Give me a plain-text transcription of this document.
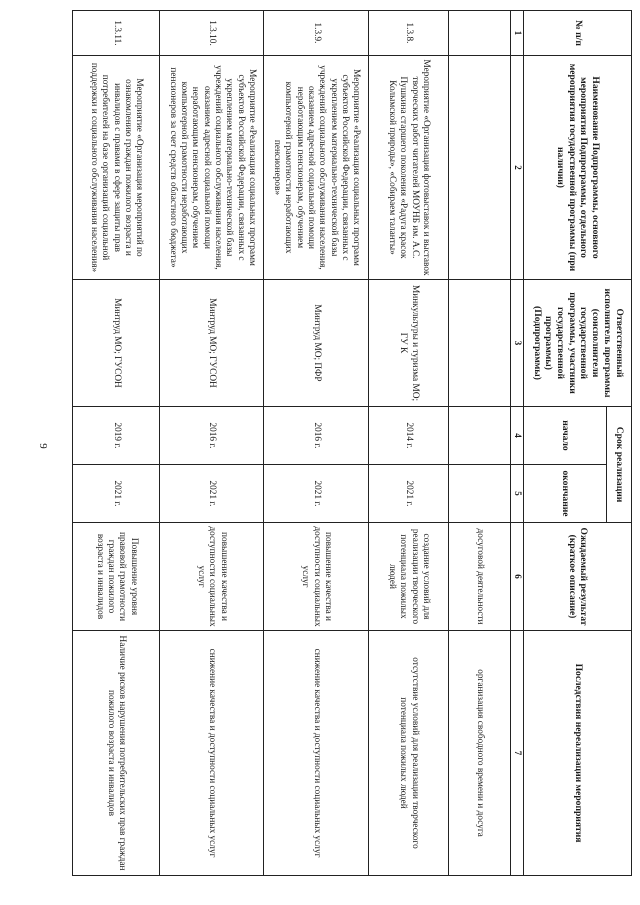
9
№ п/п	Наименование Подпрограммы, основного мероприятия Подпрограммы, отдельного мероприятия государственной программы (при наличии)	Ответственный исполнитель программы (соисполнители государственной программы, участники государственной программы) (Подпрограммы)	Срок реализации		Ожидаемый результат (краткое описание)	Последствия нереализации мероприятия
			начало	окончание		
1	2	3	4	5	6	7
					досуговой деятельности	организация свободного времени и досуга
1.3.8.	Мероприятие «Организация фотовыставок и выставок творческих работ читателей МОУНБ им. А.С. Пушкина старшего поколения «Радуга красок Колымской природы», «Собираем таланты»	Минкультуры и туризма МО; ГУ К	2014 г.	2021 г.	создание условий для реализации творческого потенциала пожилых людей	отсутствие условий для реализации творческого потенциала пожилых людей
1.3.9.	Мероприятие «Реализация социальных программ субъектов Российской Федерации, связанных с укреплением материально-технической базы учреждений социального обслуживания населения, оказанием адресной социальной помощи неработающим пенсионерам, обучением компьютерной грамотности неработающих пенсионеров»	Минтруд МО; ПФР	2016 г.	2021 г.	повышение качества и доступности социальных услуг	снижение качества и доступности социальных услуг
1.3.10.	Мероприятие «Реализация социальных программ субъектов Российской Федерации, связанных с укреплением материально-технической базы учреждений социального обслуживания населения, оказанием адресной социальной помощи неработающим пенсионерам, обучением компьютерной грамотности неработающих пенсионеров за счет средств областного бюджета»	Минтруд МО; ГУСОН	2016 г.	2021 г.	повышение качества и доступности социальных услуг	снижение качества и доступности социальных услуг
1.3.11.	Мероприятие «Организация мероприятий по ознакомлению граждан пожилого возраста и инвалидов с правами в сфере защиты прав потребителей на базе организаций социальной поддержки и социального обслуживания населения»	Минтруд МО; ГУСОН	2019 г.	2021 г.	Повышение уровня правовой грамотности граждан пожилого возраста и инвалидов	Наличие рисков нарушения потребительских прав граждан пожилого возраста и инвалидов
